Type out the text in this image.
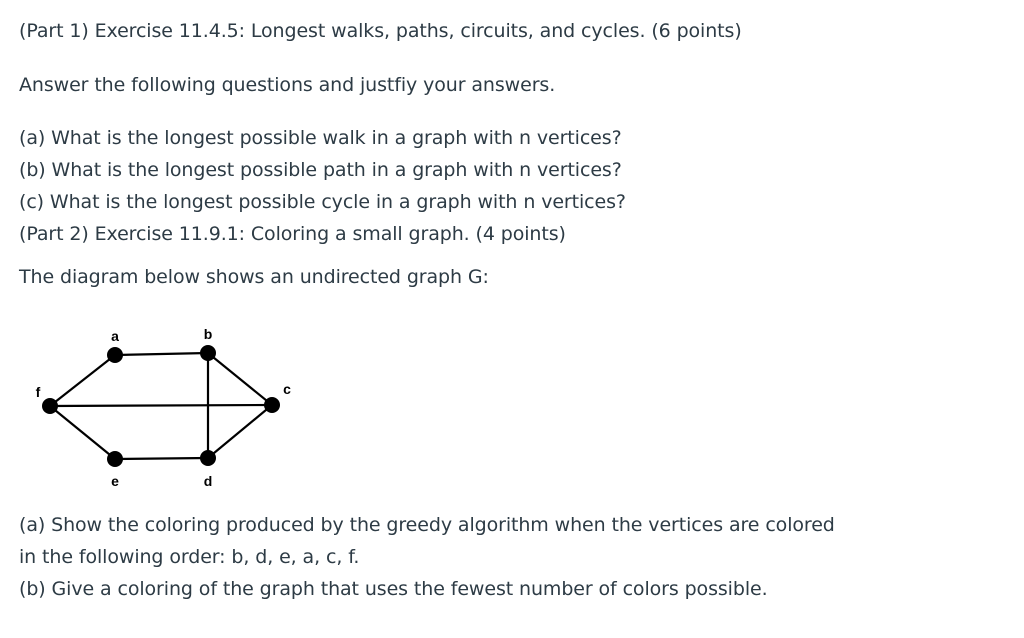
(Part 1) Exercise 11.4.5: Longest walks, paths, circuits, and cycles. (6 points)
Answer the following questions and justfiy your answers.
(a) What is the longest possible walk in a graph with n vertices?
(b) What is the longest possible path in a graph with n vertices?
(c) What is the longest possible cycle in a graph with n vertices?
(Part 2) Exercise 11.9.1: Coloring a small graph. (4 points)
The diagram below shows an undirected graph G:
a	b
c
d
e
f
(a) Show the coloring produced by the greedy algorithm when the vertices are colored
in the following order: b, d, e, a, c, f.
(b) Give a coloring of the graph that uses the fewest number of colors possible.
